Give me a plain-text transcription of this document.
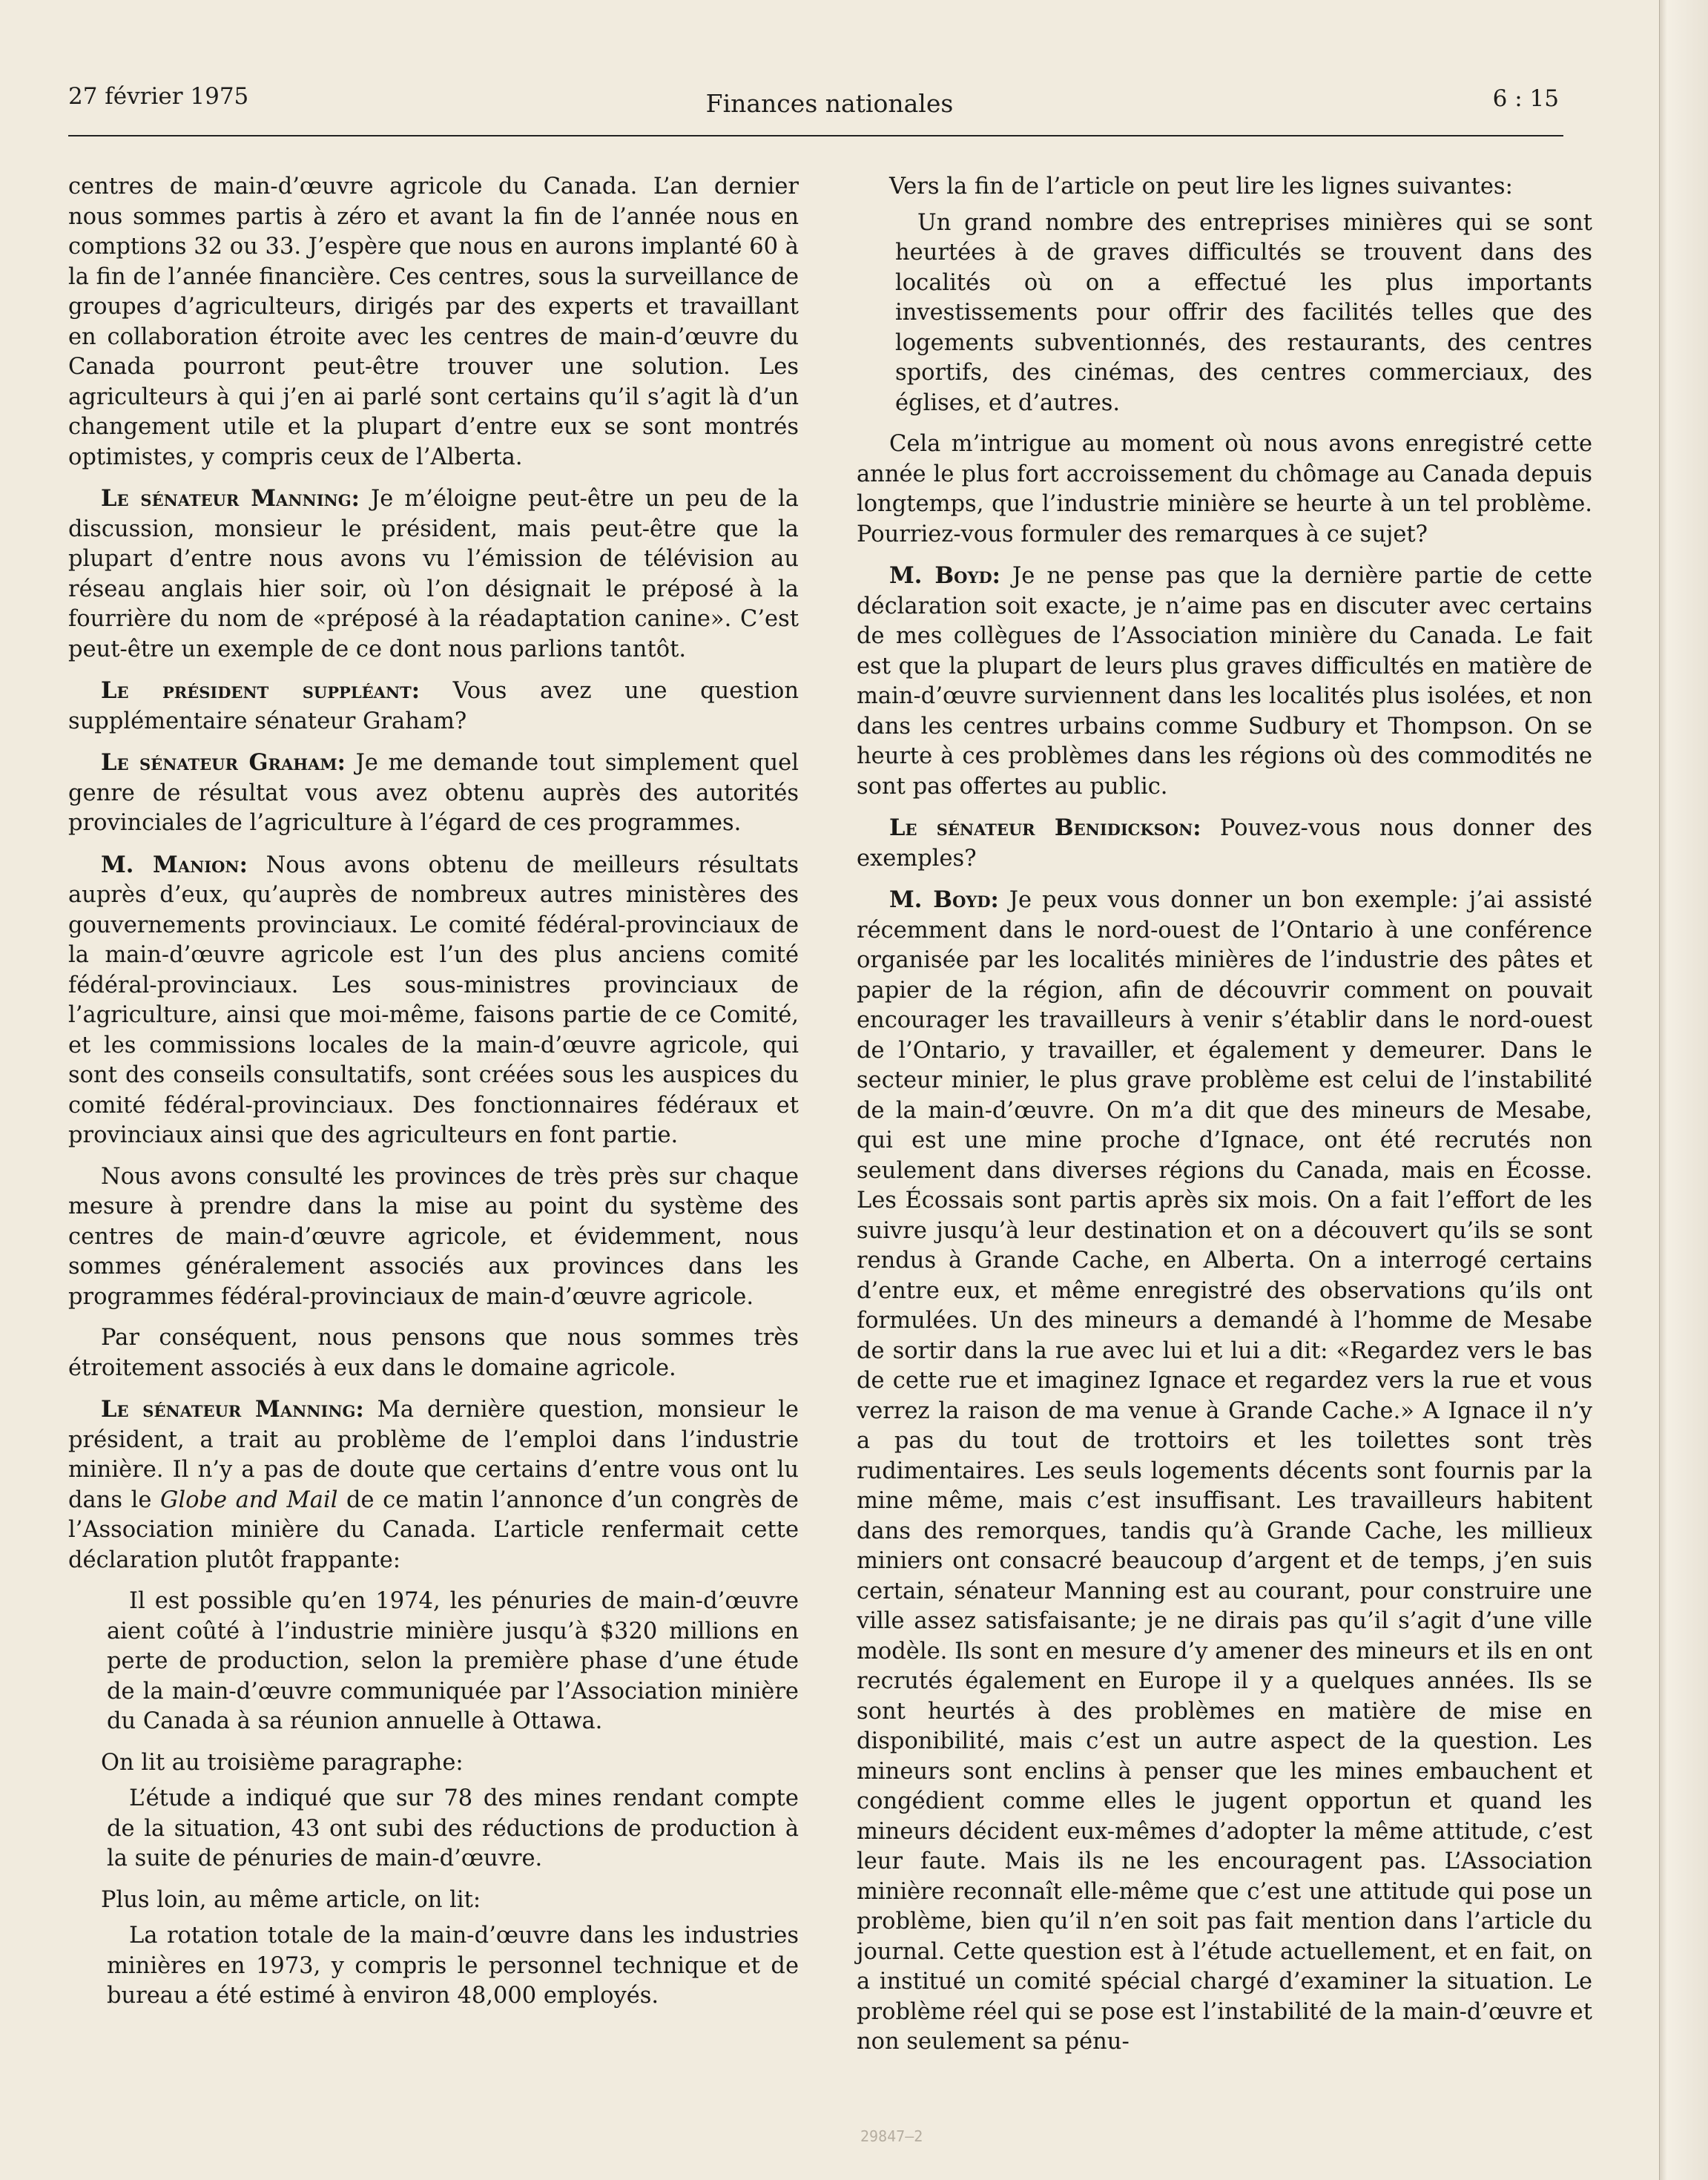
27 février 1975	Finances nationales	6 : 15

centres de main-d’œuvre agricole du Canada. L’an dernier nous sommes partis à zéro et avant la fin de l’année nous en comptions 32 ou 33. J’espère que nous en aurons implanté 60 à la fin de l’année financière. Ces centres, sous la surveillance de groupes d’agriculteurs, dirigés par des experts et travaillant en collaboration étroite avec les centres de main-d’œuvre du Canada pourront peut-être trouver une solution. Les agriculteurs à qui j’en ai parlé sont certains qu’il s’agit là d’un changement utile et la plupart d’entre eux se sont montrés optimistes, y compris ceux de l’Alberta.

Le sénateur Manning: Je m’éloigne peut-être un peu de la discussion, monsieur le président, mais peut-être que la plupart d’entre nous avons vu l’émission de télévision au réseau anglais hier soir, où l’on désignait le préposé à la fourrière du nom de «préposé à la réadaptation canine». C’est peut-être un exemple de ce dont nous parlions tantôt.

Le président suppléant: Vous avez une question supplémentaire sénateur Graham?

Le sénateur Graham: Je me demande tout simplement quel genre de résultat vous avez obtenu auprès des autorités provinciales de l’agriculture à l’égard de ces programmes.

M. Manion: Nous avons obtenu de meilleurs résultats auprès d’eux, qu’auprès de nombreux autres ministères des gouvernements provinciaux. Le comité fédéral-provinciaux de la main-d’œuvre agricole est l’un des plus anciens comité fédéral-provinciaux. Les sous-ministres provinciaux de l’agriculture, ainsi que moi-même, faisons partie de ce Comité, et les commissions locales de la main-d’œuvre agricole, qui sont des conseils consultatifs, sont créées sous les auspices du comité fédéral-provinciaux. Des fonctionnaires fédéraux et provinciaux ainsi que des agriculteurs en font partie.

Nous avons consulté les provinces de très près sur chaque mesure à prendre dans la mise au point du système des centres de main-d’œuvre agricole, et évidemment, nous sommes généralement associés aux provinces dans les programmes fédéral-provinciaux de main-d’œuvre agricole.

Par conséquent, nous pensons que nous sommes très étroitement associés à eux dans le domaine agricole.

Le sénateur Manning: Ma dernière question, monsieur le président, a trait au problème de l’emploi dans l’industrie minière. Il n’y a pas de doute que certains d’entre vous ont lu dans le Globe and Mail de ce matin l’annonce d’un congrès de l’Association minière du Canada. L’article renfermait cette déclaration plutôt frappante:

Il est possible qu’en 1974, les pénuries de main-d’œuvre aient coûté à l’industrie minière jusqu’à $320 millions en perte de production, selon la première phase d’une étude de la main-d’œuvre communiquée par l’Association minière du Canada à sa réunion annuelle à Ottawa.

On lit au troisième paragraphe:

L’étude a indiqué que sur 78 des mines rendant compte de la situation, 43 ont subi des réductions de production à la suite de pénuries de main-d’œuvre.

Plus loin, au même article, on lit:

La rotation totale de la main-d’œuvre dans les industries minières en 1973, y compris le personnel technique et de bureau a été estimé à environ 48,000 employés.

Vers la fin de l’article on peut lire les lignes suivantes:

Un grand nombre des entreprises minières qui se sont heurtées à de graves difficultés se trouvent dans des localités où on a effectué les plus importants investissements pour offrir des facilités telles que des logements subventionnés, des restaurants, des centres sportifs, des cinémas, des centres commerciaux, des églises, et d’autres.

Cela m’intrigue au moment où nous avons enregistré cette année le plus fort accroissement du chômage au Canada depuis longtemps, que l’industrie minière se heurte à un tel problème. Pourriez-vous formuler des remarques à ce sujet?

M. Boyd: Je ne pense pas que la dernière partie de cette déclaration soit exacte, je n’aime pas en discuter avec certains de mes collègues de l’Association minière du Canada. Le fait est que la plupart de leurs plus graves difficultés en matière de main-d’œuvre surviennent dans les localités plus isolées, et non dans les centres urbains comme Sudbury et Thompson. On se heurte à ces problèmes dans les régions où des commodités ne sont pas offertes au public.

Le sénateur Benidickson: Pouvez-vous nous donner des exemples?

M. Boyd: Je peux vous donner un bon exemple: j’ai assisté récemment dans le nord-ouest de l’Ontario à une conférence organisée par les localités minières de l’industrie des pâtes et papier de la région, afin de découvrir comment on pouvait encourager les travailleurs à venir s’établir dans le nord-ouest de l’Ontario, y travailler, et également y demeurer. Dans le secteur minier, le plus grave problème est celui de l’instabilité de la main-d’œuvre. On m’a dit que des mineurs de Mesabe, qui est une mine proche d’Ignace, ont été recrutés non seulement dans diverses régions du Canada, mais en Écosse. Les Écossais sont partis après six mois. On a fait l’effort de les suivre jusqu’à leur destination et on a découvert qu’ils se sont rendus à Grande Cache, en Alberta. On a interrogé certains d’entre eux, et même enregistré des observations qu’ils ont formulées. Un des mineurs a demandé à l’homme de Mesabe de sortir dans la rue avec lui et lui a dit: «Regardez vers le bas de cette rue et imaginez Ignace et regardez vers la rue et vous verrez la raison de ma venue à Grande Cache.» A Ignace il n’y a pas du tout de trottoirs et les toilettes sont très rudimentaires. Les seuls logements décents sont fournis par la mine même, mais c’est insuffisant. Les travailleurs habitent dans des remorques, tandis qu’à Grande Cache, les millieux miniers ont consacré beaucoup d’argent et de temps, j’en suis certain, sénateur Manning est au courant, pour construire une ville assez satisfaisante; je ne dirais pas qu’il s’agit d’une ville modèle. Ils sont en mesure d’y amener des mineurs et ils en ont recrutés également en Europe il y a quelques années. Ils se sont heurtés à des problèmes en matière de mise en disponibilité, mais c’est un autre aspect de la question. Les mineurs sont enclins à penser que les mines embauchent et congédient comme elles le jugent opportun et quand les mineurs décident eux-mêmes d’adopter la même attitude, c’est leur faute. Mais ils ne les encouragent pas. L’Association minière reconnaît elle-même que c’est une attitude qui pose un problème, bien qu’il n’en soit pas fait mention dans l’article du journal. Cette question est à l’étude actuellement, et en fait, on a institué un comité spécial chargé d’examiner la situation. Le problème réel qui se pose est l’instabilité de la main-d’œuvre et non seulement sa pénu-

29847—2
